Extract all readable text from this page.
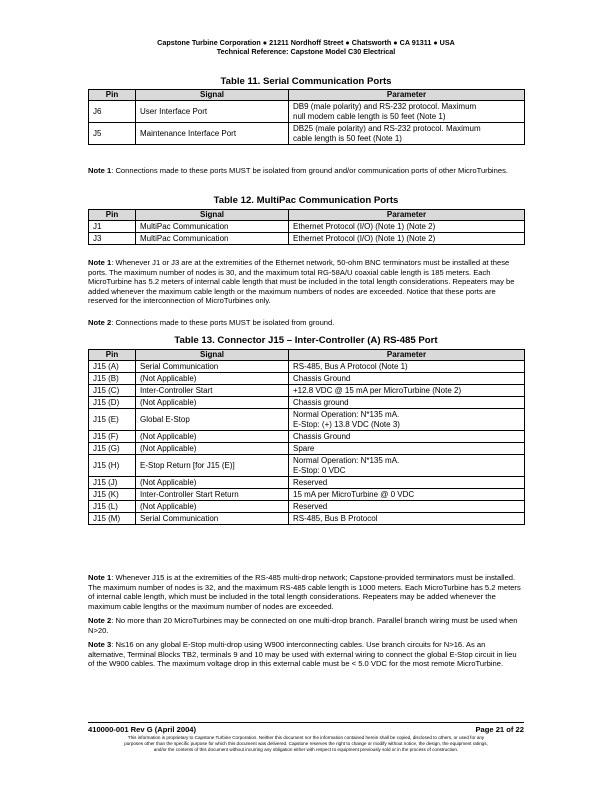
Capstone Turbine Corporation ● 21211 Nordhoff Street ● Chatsworth ● CA 91311 ● USA
Technical Reference: Capstone Model C30 Electrical
Table 11. Serial Communication Ports
Pin	Signal	Parameter
J6	User Interface Port	DB9 (male polarity) and RS-232 protocol. Maximum
null modem cable length is 50 feet (Note 1)

J5	Maintenance Interface Port	DB25 (male polarity) and RS-232 protocol. Maximum
cable length is 50 feet (Note 1)
Note 1: Connections made to these ports MUST be isolated from ground and/or communication ports of other MicroTurbines.
Table 12. MultiPac Communication Ports
Pin	Signal	Parameter
J1	MultiPac Communication	Ethernet Protocol (I/O) (Note 1) (Note 2)
J3	MultiPac Communication	Ethernet Protocol (I/O) (Note 1) (Note 2)
Note 1: Whenever J1 or J3 are at the extremities of the Ethernet network, 50-ohm BNC terminators must be installed at these ports. The maximum number of nodes is 30, and the maximum total RG-58A/U coaxial cable length is 185 meters. Each MicroTurbine has 5.2 meters of internal cable length that must be included in the total length considerations. Repeaters may be added whenever the maximum cable length or the maximum numbers of nodes are exceeded. Notice that these ports are reserved for the interconnection of MicroTurbines only.
Note 2: Connections made to these ports MUST be isolated from ground.
Table 13. Connector J15 – Inter-Controller (A) RS-485 Port
Pin	Signal	Parameter
J15 (A)	Serial Communication	RS-485, Bus A Protocol (Note 1)
J15 (B)	(Not Applicable)	Chassis Ground
J15 (C)	Inter-Controller Start	+12.8 VDC @ 15 mA per MicroTurbine (Note 2)
J15 (D)	(Not Applicable)	Chassis ground
J15 (E)	Global E-Stop	Normal Operation: N*135 mA.
E-Stop: (+) 13.8 VDC (Note 3)

J15 (F)	(Not Applicable)	Chassis Ground
J15 (G)	(Not Applicable)	Spare
J15 (H)	E-Stop Return [for J15 (E)]	Normal Operation: N*135 mA.
E-Stop: 0 VDC

J15 (J)	(Not Applicable)	Reserved
J15 (K)	Inter-Controller Start Return	15 mA per MicroTurbine @ 0 VDC
J15 (L)	(Not Applicable)	Reserved
J15 (M)	Serial Communication	RS-485, Bus B Protocol
Note 1: Whenever J15 is at the extremities of the RS-485 multi-drop network; Capstone-provided terminators must be installed. The maximum number of nodes is 32, and the maximum RS-485 cable length is 1000 meters. Each MicroTurbine has 5.2 meters of internal cable length, which must be included in the total length considerations. Repeaters may be added whenever the maximum cable lengths or the maximum number of nodes are exceeded.
Note 2: No more than 20 MicroTurbines may be connected on one multi-drop branch. Parallel branch wiring must be used when N>20.
Note 3: N≤16 on any global E-Stop multi-drop using W900 interconnecting cables. Use branch circuits for N>16. As an alternative, Terminal Blocks TB2, terminals 9 and 10 may be used with external wiring to connect the global E-Stop circuit in lieu of the W900 cables. The maximum voltage drop in this external cable must be < 5.0 VDC for the most remote MicroTurbine.
410000-001 Rev G (April 2004)	Page 21 of 22
This information is proprietary to Capstone Turbine Corporation. Neither this document nor the information contained herein shall be copied, disclosed to others, or used for any
purposes other than the specific purpose for which this document was delivered. Capstone reserves the right to change or modify without notice, the design, the equipment ratings,
and/or the contents of this document without incurring any obligation either with respect to equipment previously sold or in the process of construction.
